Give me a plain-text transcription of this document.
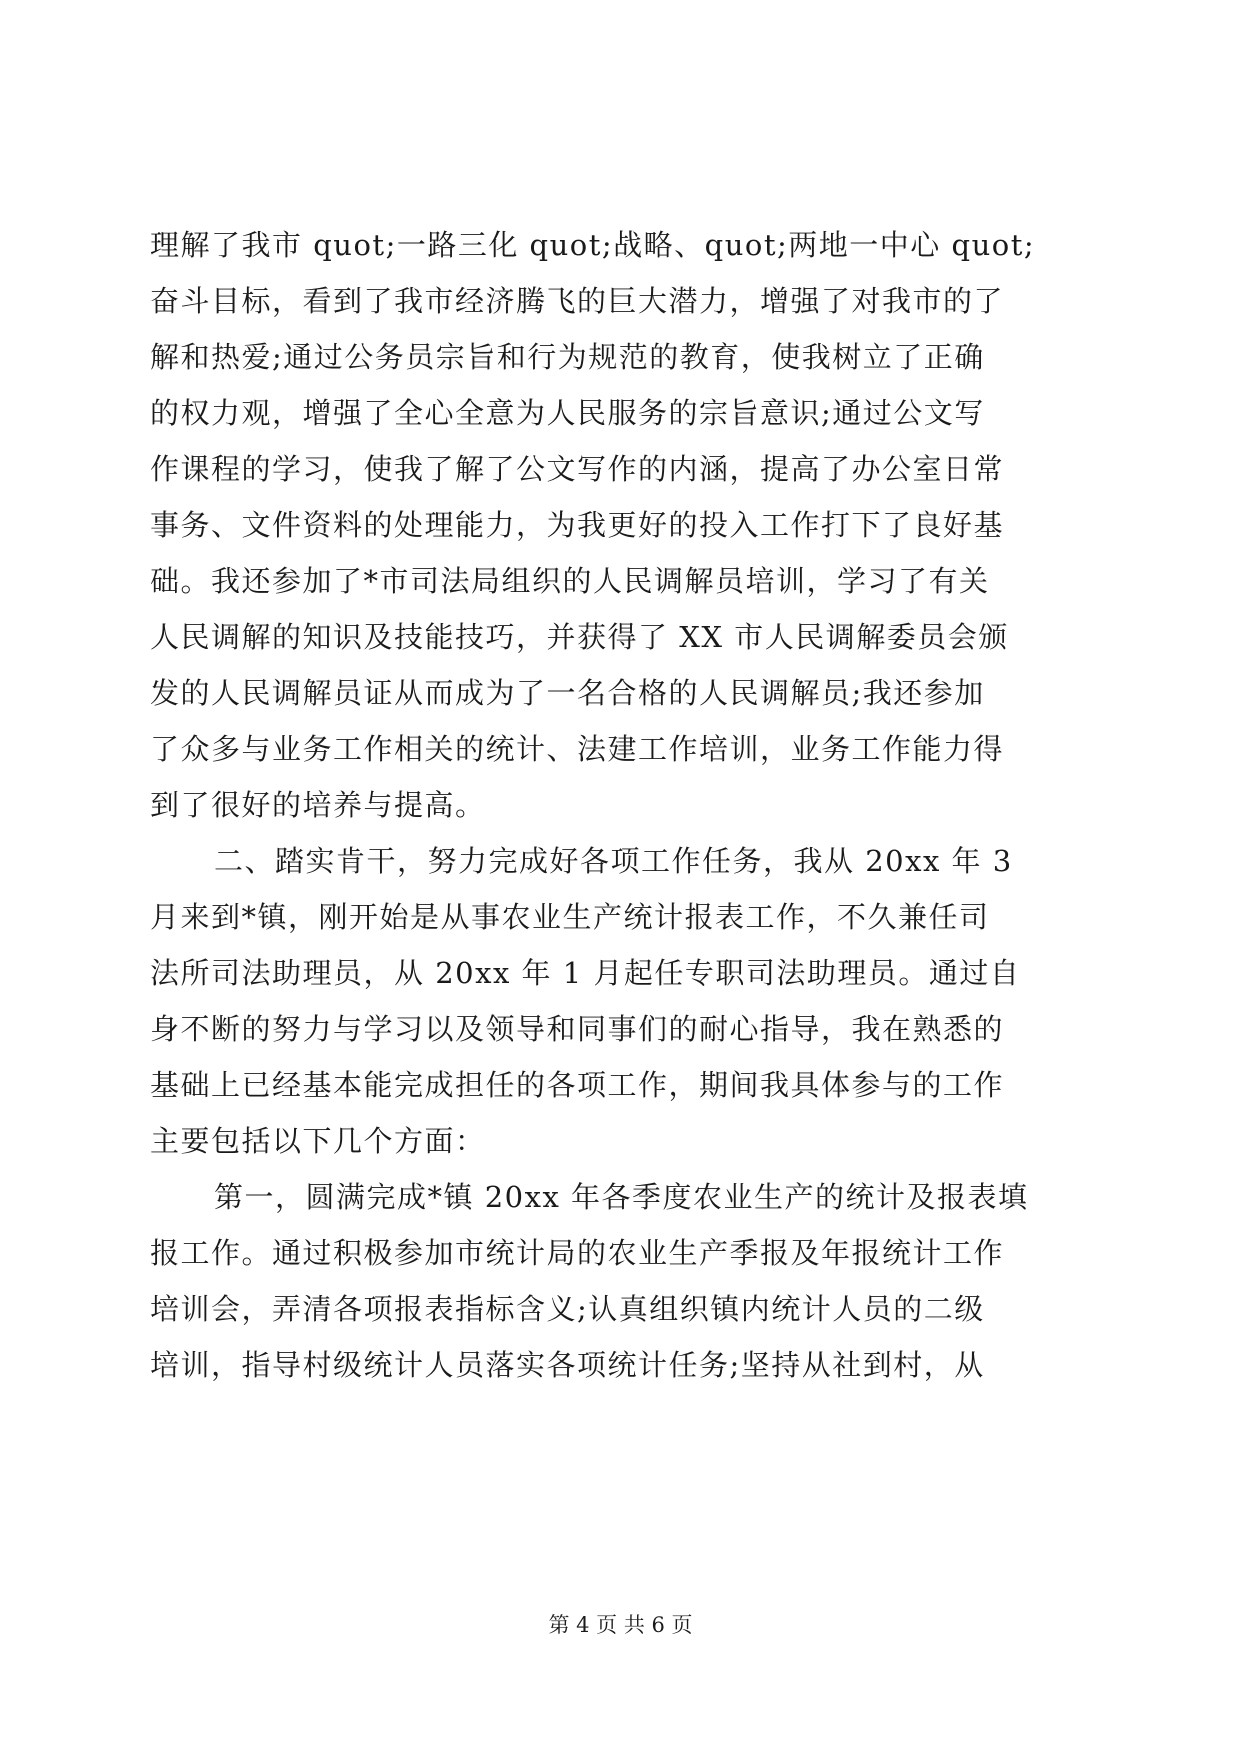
理解了我市 quot;一路三化 quot;战略、quot;两地一中心 quot;
奋斗目标，看到了我市经济腾飞的巨大潜力，增强了对我市的了
解和热爱;通过公务员宗旨和行为规范的教育，使我树立了正确
的权力观，增强了全心全意为人民服务的宗旨意识;通过公文写
作课程的学习，使我了解了公文写作的内涵，提高了办公室日常
事务、文件资料的处理能力，为我更好的投入工作打下了良好基
础。我还参加了*市司法局组织的人民调解员培训，学习了有关
人民调解的知识及技能技巧，并获得了 XX 市人民调解委员会颁
发的人民调解员证从而成为了一名合格的人民调解员;我还参加
了众多与业务工作相关的统计、法建工作培训，业务工作能力得
到了很好的培养与提高。
二、踏实肯干，努力完成好各项工作任务，我从 20xx 年 3
月来到*镇，刚开始是从事农业生产统计报表工作，不久兼任司
法所司法助理员，从 20xx 年 1 月起任专职司法助理员。通过自
身不断的努力与学习以及领导和同事们的耐心指导，我在熟悉的
基础上已经基本能完成担任的各项工作，期间我具体参与的工作
主要包括以下几个方面：
第一，圆满完成*镇 20xx 年各季度农业生产的统计及报表填
报工作。通过积极参加市统计局的农业生产季报及年报统计工作
培训会，弄清各项报表指标含义;认真组织镇内统计人员的二级
培训，指导村级统计人员落实各项统计任务;坚持从社到村，从
第 4 页 共 6 页
